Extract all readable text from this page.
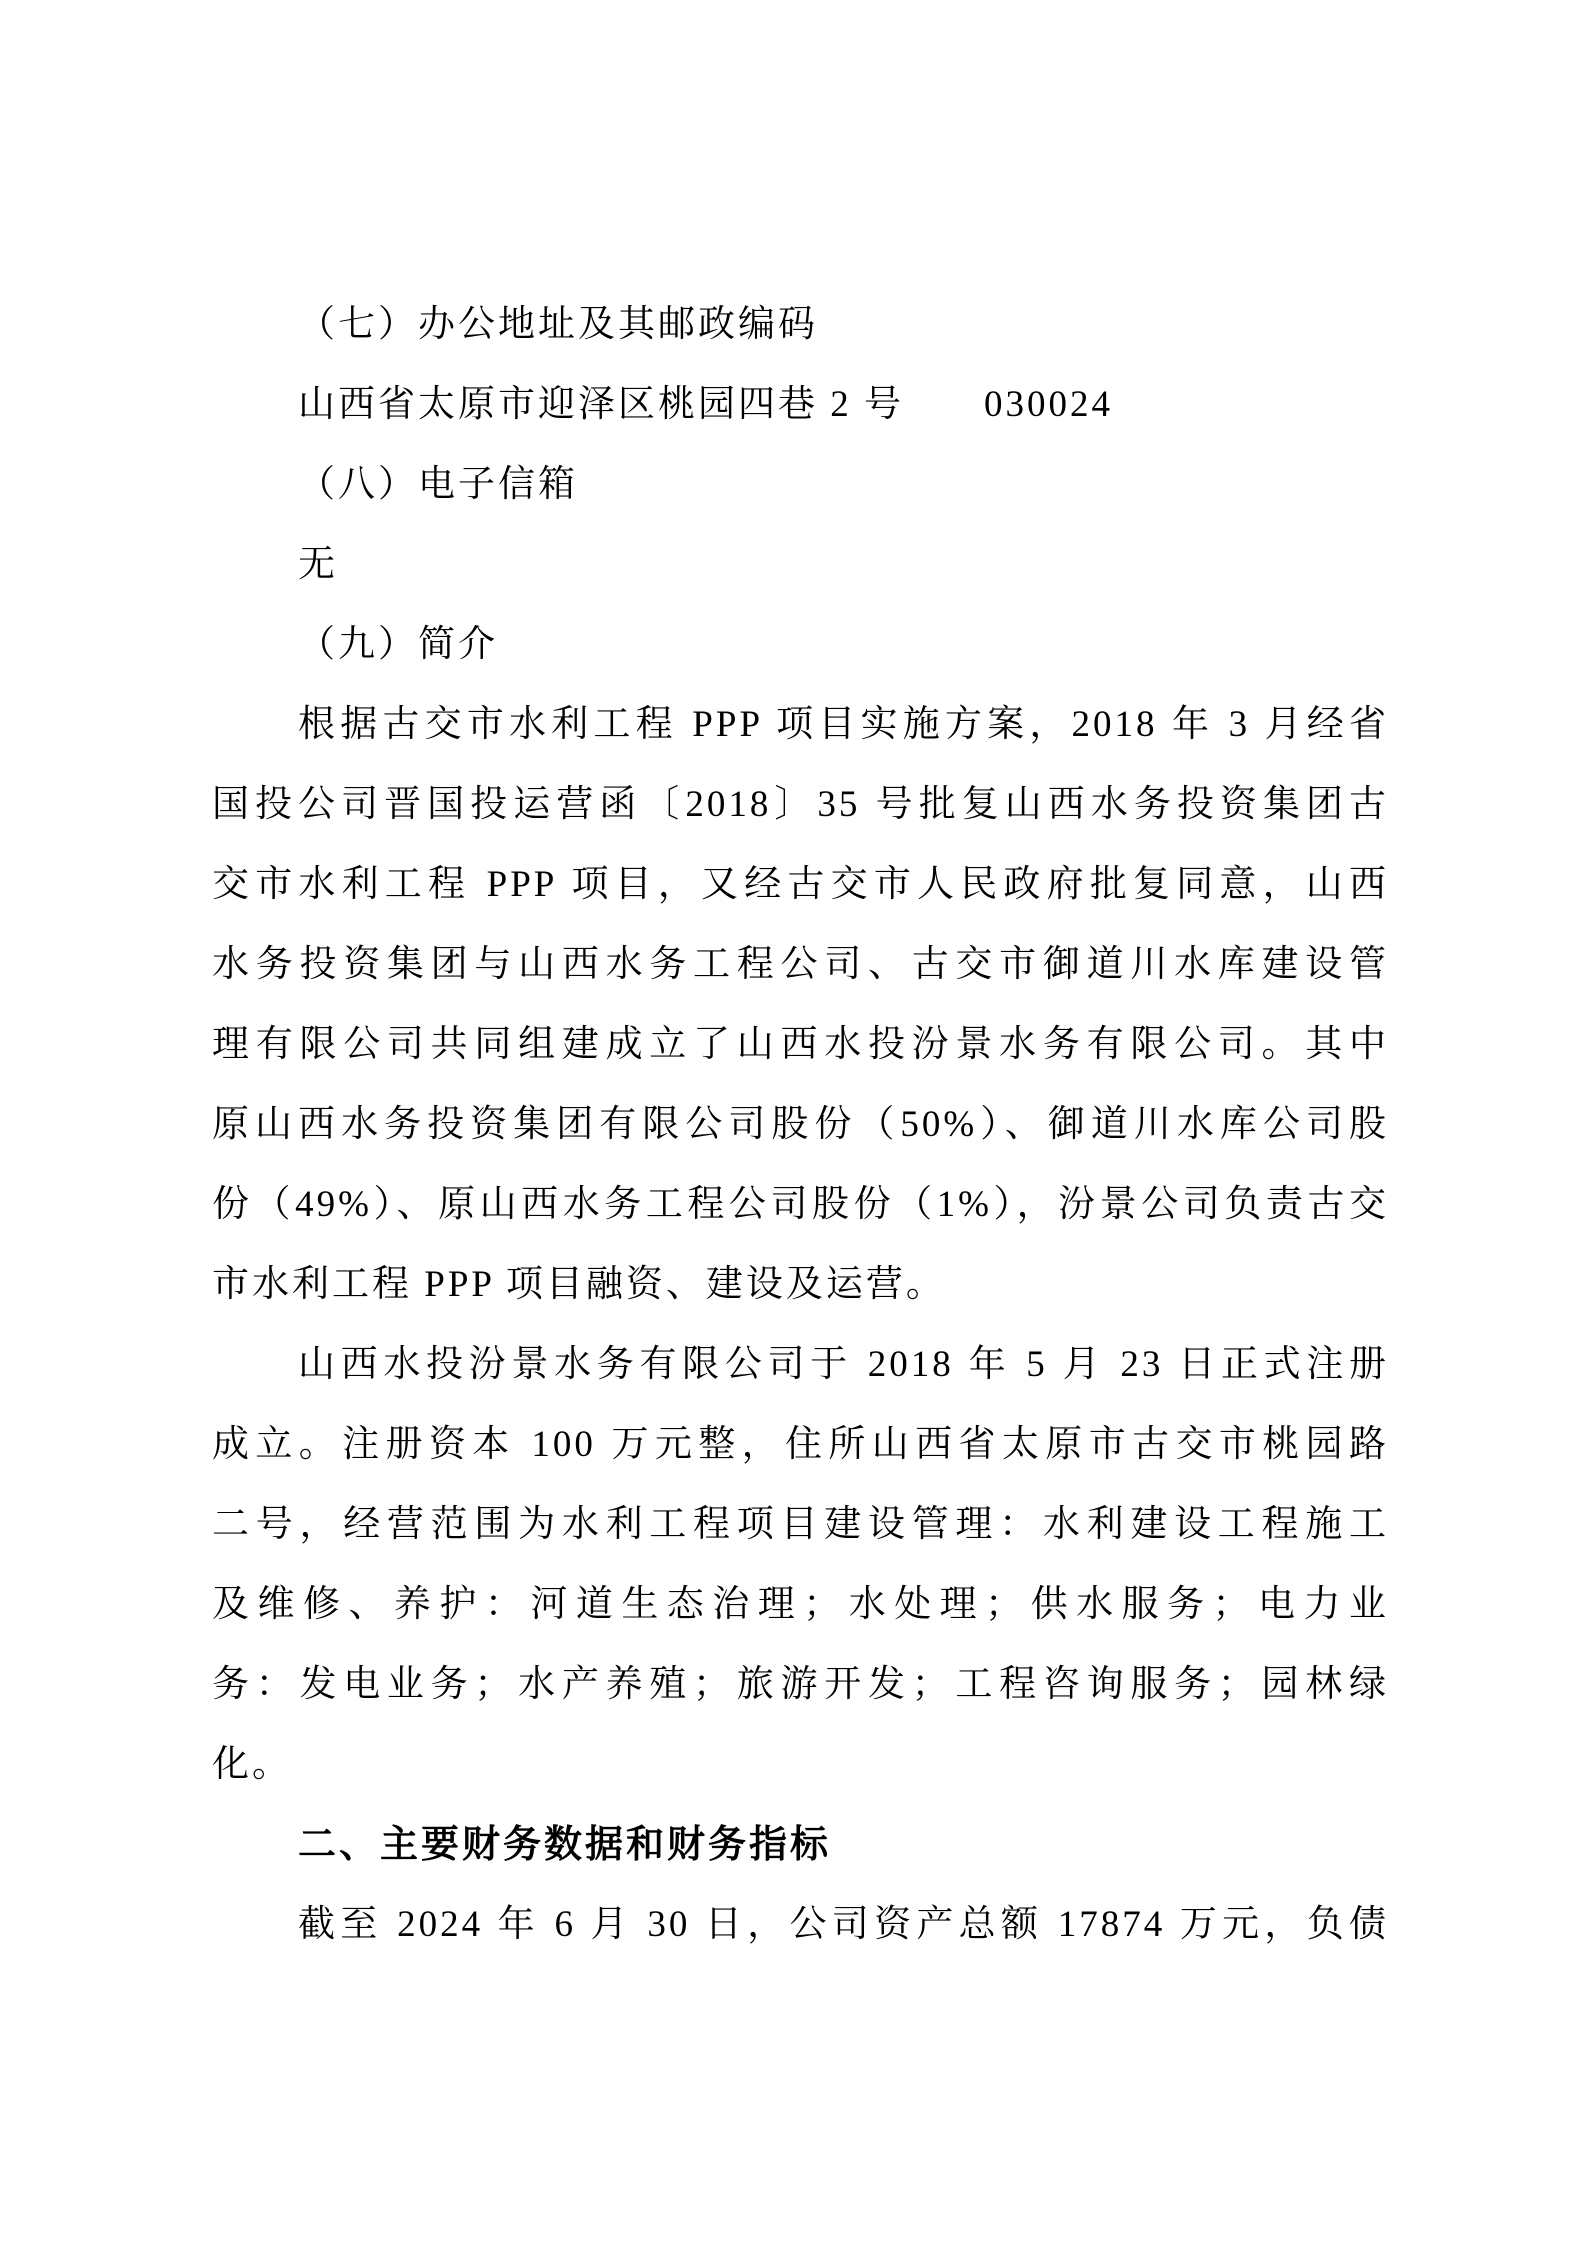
（七）办公地址及其邮政编码
山西省太原市迎泽区桃园四巷 2 号　　030024
（八）电子信箱
无
（九）简介
根据古交市水利工程 PPP 项目实施方案，2018 年 3 月经省
国投公司晋国投运营函〔2018〕35 号批复山西水务投资集团古
交市水利工程 PPP 项目，又经古交市人民政府批复同意，山西
水务投资集团与山西水务工程公司、古交市御道川水库建设管
理有限公司共同组建成立了山西水投汾景水务有限公司。其中
原山西水务投资集团有限公司股份（50%）、御道川水库公司股
份（49%）、原山西水务工程公司股份（1%），汾景公司负责古交
市水利工程 PPP 项目融资、建设及运营。
山西水投汾景水务有限公司于 2018 年 5 月 23 日正式注册
成立。注册资本 100 万元整，住所山西省太原市古交市桃园路
二号，经营范围为水利工程项目建设管理：水利建设工程施工
及维修、养护：河道生态治理；水处理；供水服务；电力业
务：发电业务；水产养殖；旅游开发；工程咨询服务；园林绿
化。
二、主要财务数据和财务指标
截至 2024 年 6 月 30 日，公司资产总额 17874 万元，负债
